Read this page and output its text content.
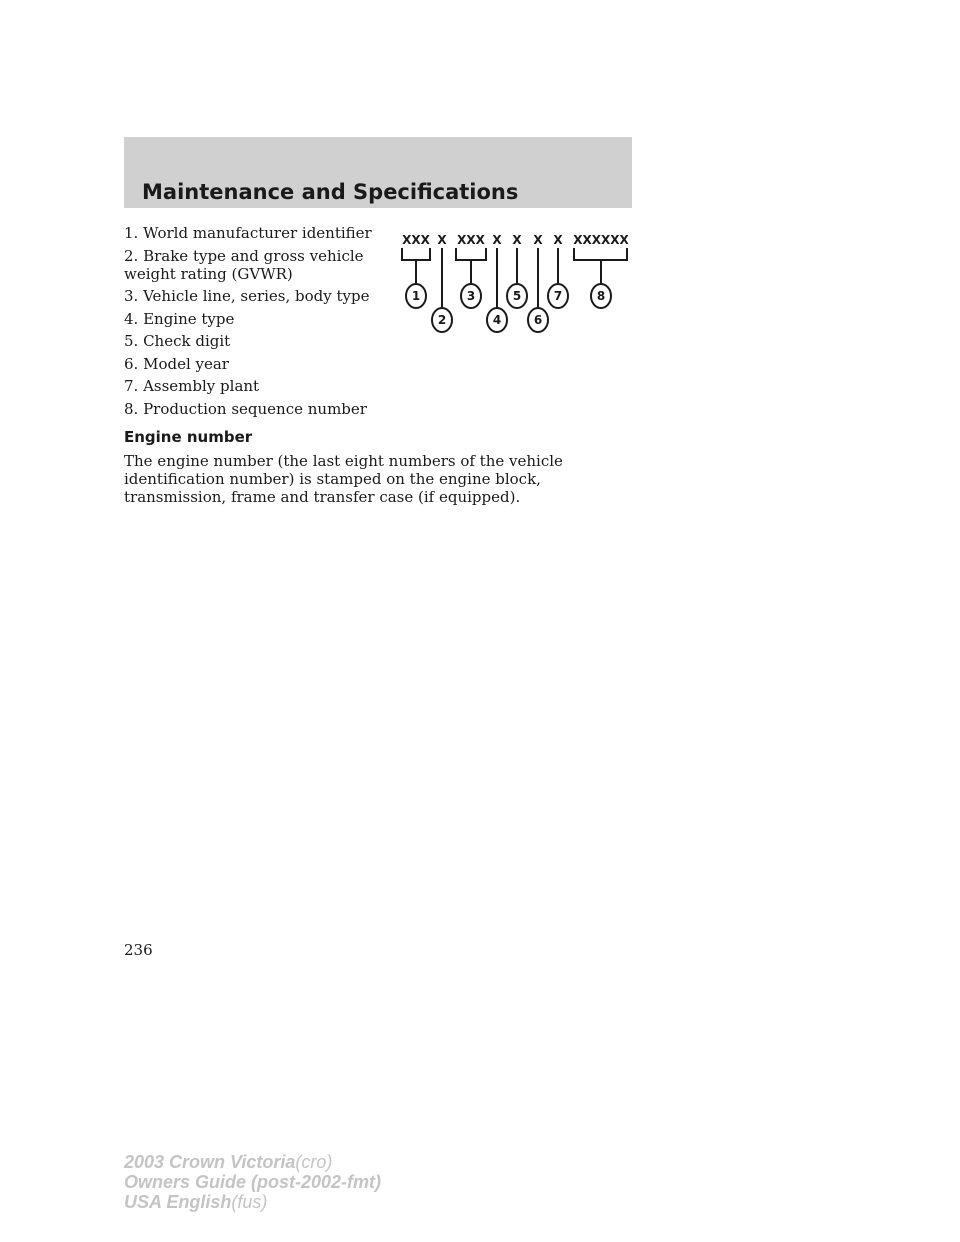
Maintenance and Specifications
1. World manufacturer identifier
2. Brake type and gross vehicle weight rating (GVWR)
3. Vehicle line, series, body type
4. Engine type
5. Check digit
6. Model year
7. Assembly plant
8. Production sequence number
XXX X XXX X X X X XXXXXX
1
2
3
4
5
6
7	8
Engine number
The engine number (the last eight numbers of the vehicle identification number) is stamped on the engine block, transmission, frame and transfer case (if equipped).
236
2003 Crown Victoria(cro)
Owners Guide (post-2002-fmt)
USA English(fus)
